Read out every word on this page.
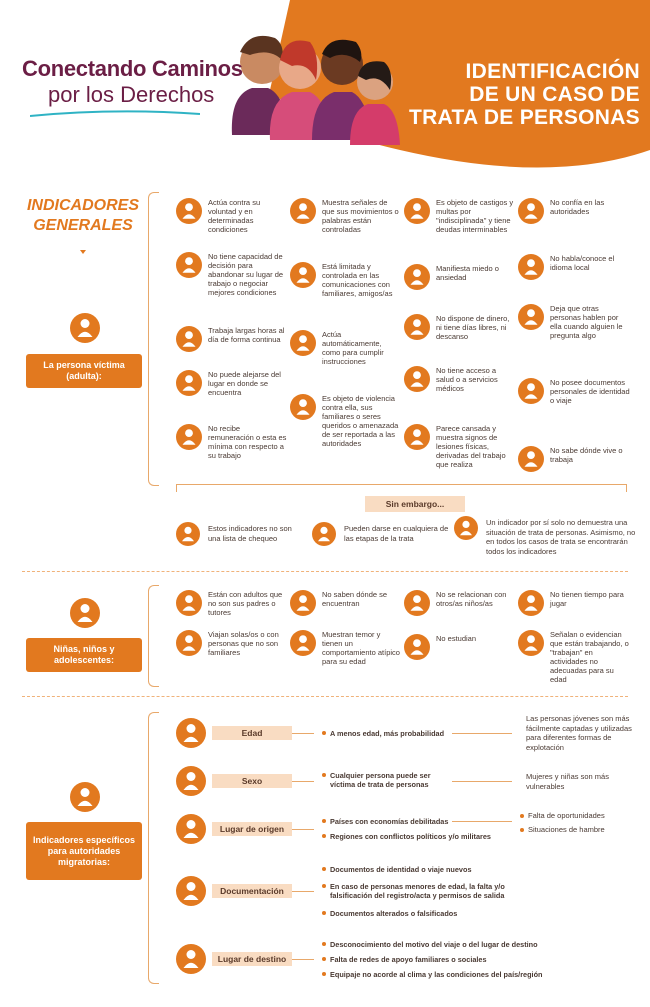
Conectando Caminos
por los Derechos
IDENTIFICACIÓN
DE UN CASO DE
TRATA DE PERSONAS
INDICADORES
GENERALES
La persona víctima (adulta):
Actúa contra su voluntad y en determinadas condiciones
Muestra señales de que sus movimientos o palabras están controladas
Es objeto de castigos y multas por "indisciplinada" y tiene deudas interminables
No confía en las autoridades
No tiene capacidad de decisión para abandonar su lugar de trabajo o negociar mejores condiciones
Está limitada y controlada en las comunicaciones con familiares, amigos/as
Manifiesta miedo o ansiedad
No habla/conoce el idioma local
Trabaja largas horas al día de forma continua
Actúa automáticamente, como para cumplir instrucciones
No dispone de dinero, ni tiene días libres, ni descanso
Deja que otras personas hablen por ella cuando alguien le pregunta algo
No puede alejarse del lugar en donde se encuentra
Es objeto de violencia contra ella, sus familiares o seres queridos o amenazada de ser reportada a las autoridades
No tiene acceso a salud o a servicios médicos
No posee documentos personales de identidad o viaje
No recibe remuneración o esta es mínima con respecto a su trabajo
Parece cansada y muestra signos de lesiones físicas, derivadas del trabajo que realiza
No sabe dónde vive o trabaja
Sin embargo...
Estos indicadores no son una lista de chequeo
Pueden darse en cualquiera de las etapas de la trata
Un indicador por sí solo no demuestra una situación de trata de personas. Asimismo, no en todos los casos de trata se encontrarán todos los indicadores
Niñas, niños y adolescentes:
Están con adultos que no son sus padres o tutores
No saben dónde se encuentran
No se relacionan con otros/as niños/as
No tienen tiempo para jugar
Viajan solas/os o con personas que no son familiares
Muestran temor y tienen un comportamiento atípico para su edad
No estudian	Señalan o evidencian que están trabajando, o "trabajan" en actividades no adecuadas para su edad
Indicadores específicos para autoridades migratorias:
Edad	A menos edad, más probabilidad
Las personas jóvenes son más fácilmente captadas y utilizadas para diferentes formas de explotación
Sexo
Cualquier persona puede ser víctima de trata de personas
Mujeres y niñas son más vulnerables
Lugar de origen
Países con economías debilitadas
Regiones con conflictos políticos y/o militares
Falta de oportunidades
Situaciones de hambre
Documentación
Documentos de identidad o viaje nuevos
En caso de personas menores de edad, la falta y/o falsificación del registro/acta y permisos de salida
Documentos alterados o falsificados
Lugar de destino
Desconocimiento del motivo del viaje o del lugar de destino
Falta de redes de apoyo familiares o sociales
Equipaje no acorde al clima y las condiciones del país/región
